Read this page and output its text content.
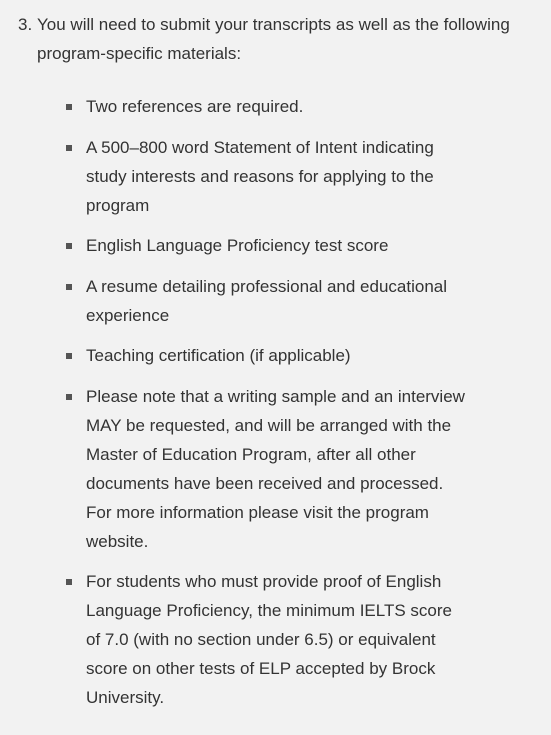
3. You will need to submit your transcripts as well as the following program-specific materials:
Two references are required.
A 500–800 word Statement of Intent indicating study interests and reasons for applying to the program
English Language Proficiency test score
A resume detailing professional and educational experience
Teaching certification (if applicable)
Please note that a writing sample and an interview MAY be requested, and will be arranged with the Master of Education Program, after all other documents have been received and processed. For more information please visit the program website.
For students who must provide proof of English Language Proficiency, the minimum IELTS score of 7.0 (with no section under 6.5) or equivalent score on other tests of ELP accepted by Brock University.
